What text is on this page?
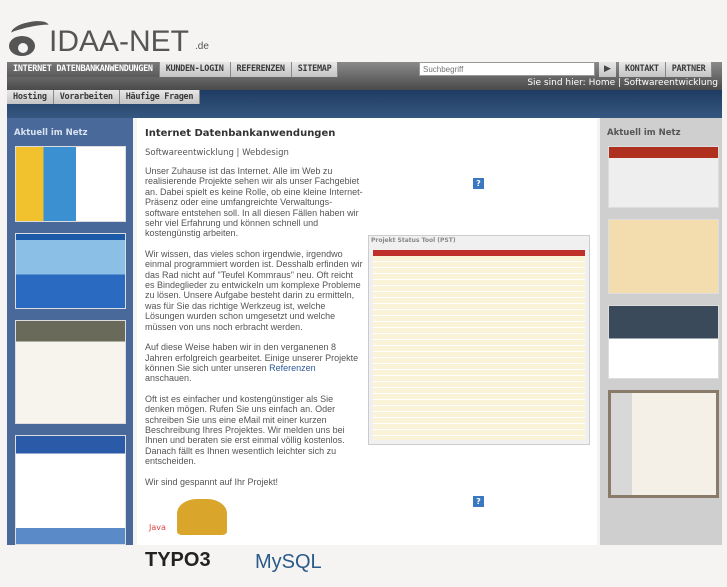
IDAA-NET .de
INTERNET DATENBANKANWENDUNGEN	KUNDEN-LOGIN	REFERENZEN	SITEMAP
Suchbegriff	▶	KONTAKT	PARTNER
Sie sind hier: Home | Softwareentwicklung
Hosting	Vorarbeiten	Häufige Fragen
Aktuell im Netz	Internet Datenbankanwendungen
Softwareentwicklung | Webdesign

Unser Zuhause ist das Internet. Alle im Web zu realisierende Projekte sehen wir als unser Fachgebiet an. Dabei spielt es keine Rolle, ob eine kleine Internet-Präsenz oder eine umfangreichte Verwaltungs- software entstehen soll. In all diesen Fällen haben wir sehr viel Erfahrung und können schnell und kostengünstig arbeiten.

Wir wissen, das vieles schon irgendwie, irgendwo einmal programmiert worden ist. Desshalb erfinden wir das Rad nicht auf "Teufel Kommraus" neu. Oft reicht es Bindeglieder zu entwickeln um komplexe Probleme zu lösen. Unsere Aufgabe besteht darin zu ermitteln, was für Sie das richtige Werkzeug ist, welche Lösungen wurden schon umgesetzt und welche müssen von uns noch erbracht werden.

Auf diese Weise haben wir in den verganenen 8 Jahren erfolgreich gearbeitet. Einige unserer Projekte können Sie sich unter unseren Referenzen anschauen.

Oft ist es einfacher und kostengünstiger als Sie denken mögen. Rufen Sie uns einfach an. Oder schreiben Sie uns eine eMail mit einer kurzen Beschreibung Ihres Projektes. Wir melden uns bei Ihnen und beraten sie erst einmal völlig kostenlos. Danach fällt es Ihnen wesentlich leichter sich zu entscheiden.

Wir sind gespannt auf Ihr Projekt!

Java
TYPO3 MySQL
?
Projekt Status Tool (PST)
?
Aktuell im Netz
